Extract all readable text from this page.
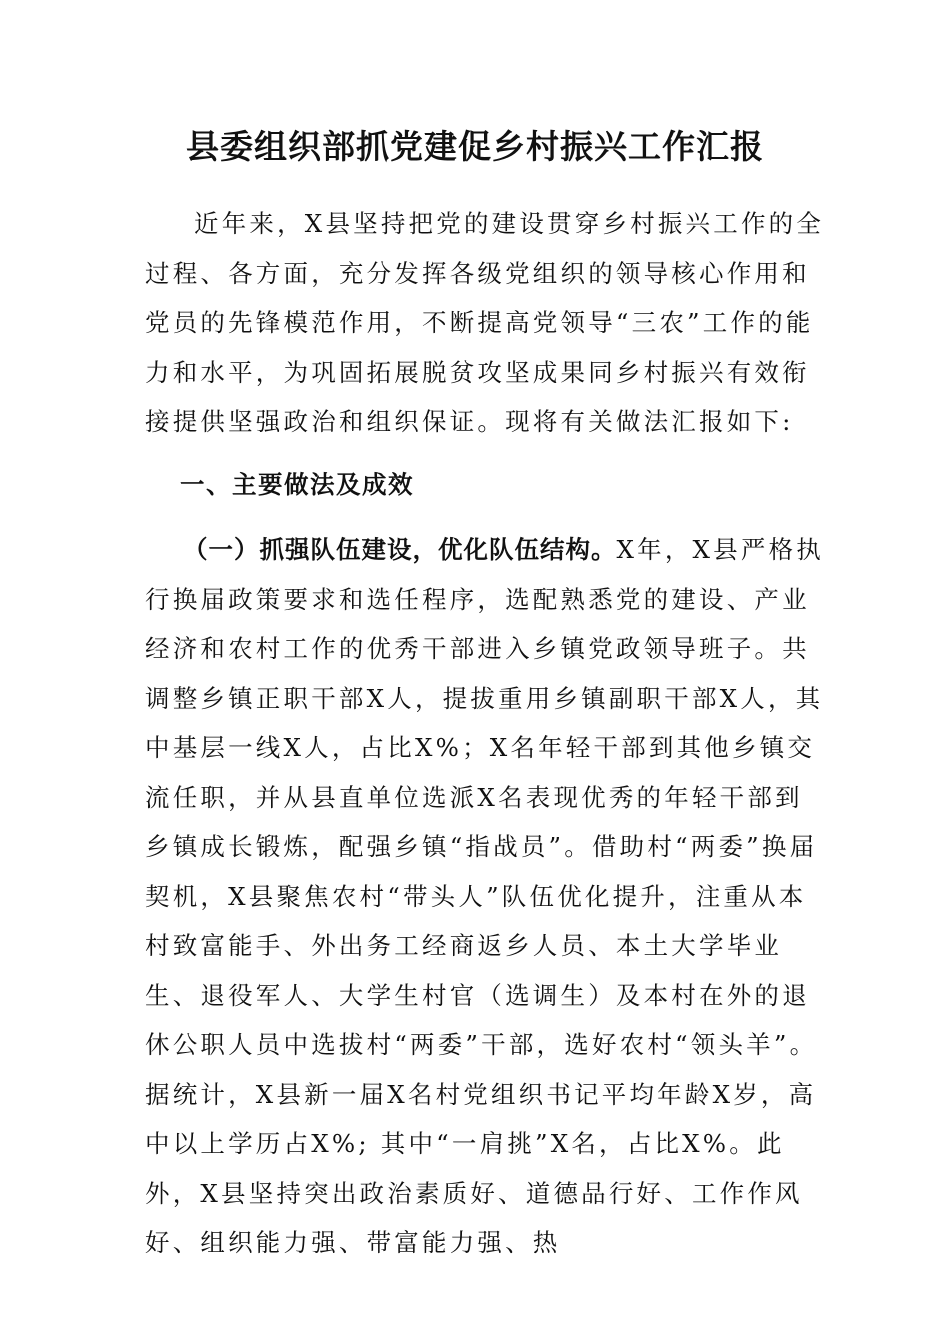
县委组织部抓党建促乡村振兴工作汇报

近年来，X县坚持把党的建设贯穿乡村振兴工作的全过程、各方面，充分发挥各级党组织的领导核心作用和党员的先锋模范作用，不断提高党领导“三农”工作的能力和水平，为巩固拓展脱贫攻坚成果同乡村振兴有效衔接提供坚强政治和组织保证。现将有关做法汇报如下:

一、主要做法及成效

（一）抓强队伍建设，优化队伍结构。X年，X县严格执行换届政策要求和选任程序，选配熟悉党的建设、产业经济和农村工作的优秀干部进入乡镇党政领导班子。共调整乡镇正职干部X人，提拔重用乡镇副职干部X人，其中基层一线X人，占比X%；X名年轻干部到其他乡镇交流任职，并从县直单位选派X名表现优秀的年轻干部到乡镇成长锻炼，配强乡镇“指战员”。借助村“两委”换届契机，X县聚焦农村“带头人”队伍优化提升，注重从本村致富能手、外出务工经商返乡人员、本土大学毕业生、退役军人、大学生村官（选调生）及本村在外的退休公职人员中选拔村“两委”干部，选好农村“领头羊”。据统计，X县新一届X名村党组织书记平均年龄X岁，高中以上学历占X%; 其中“一肩挑”X名，占比X%。此外，X县坚持突出政治素质好、道德品行好、工作作风好、组织能力强、带富能力强、热
